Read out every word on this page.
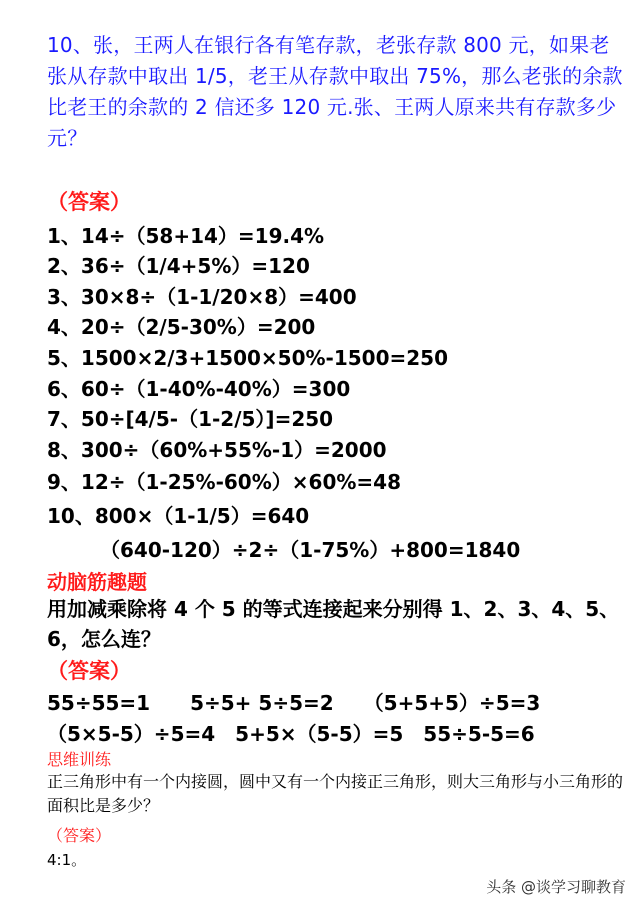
10、张，王两人在银行各有笔存款，老张存款 800 元，如果老张从存款中取出 1/5，老王从存款中取出 75%，那么老张的余款比老王的余款的 2 信还多 120 元.张、王两人原来共有存款多少元？
（答案）
1、14÷（58+14）=19.4%
2、36÷（1/4+5%）=120
3、30×8÷（1-1/20×8）=400
4、20÷（2/5-30%）=200
5、1500×2/3+1500×50%-1500=250
6、60÷（1-40%-40%）=300
7、50÷[4/5-（1-2/5）]=250
8、300÷（60%+55%-1）=2000
9、12÷（1-25%-60%）×60%=48
10、800×（1-1/5）=640
（640-120）÷2÷（1-75%）+800=1840
动脑筋趣题
用加减乘除将 4 个 5 的等式连接起来分别得 1、2、3、4、5、6，怎么连？
（答案）
55÷55=1　　5÷5+ 5÷5=2　　（5+5+5）÷5=3
（5×5-5）÷5=4　5+5×（5-5）=5　55÷5-5=6
思维训练
正三角形中有一个内接圆，圆中又有一个内接正三角形，则大三角形与小三角形的面积比是多少？
（答案）
4:1。
头条 @谈学习聊教育
